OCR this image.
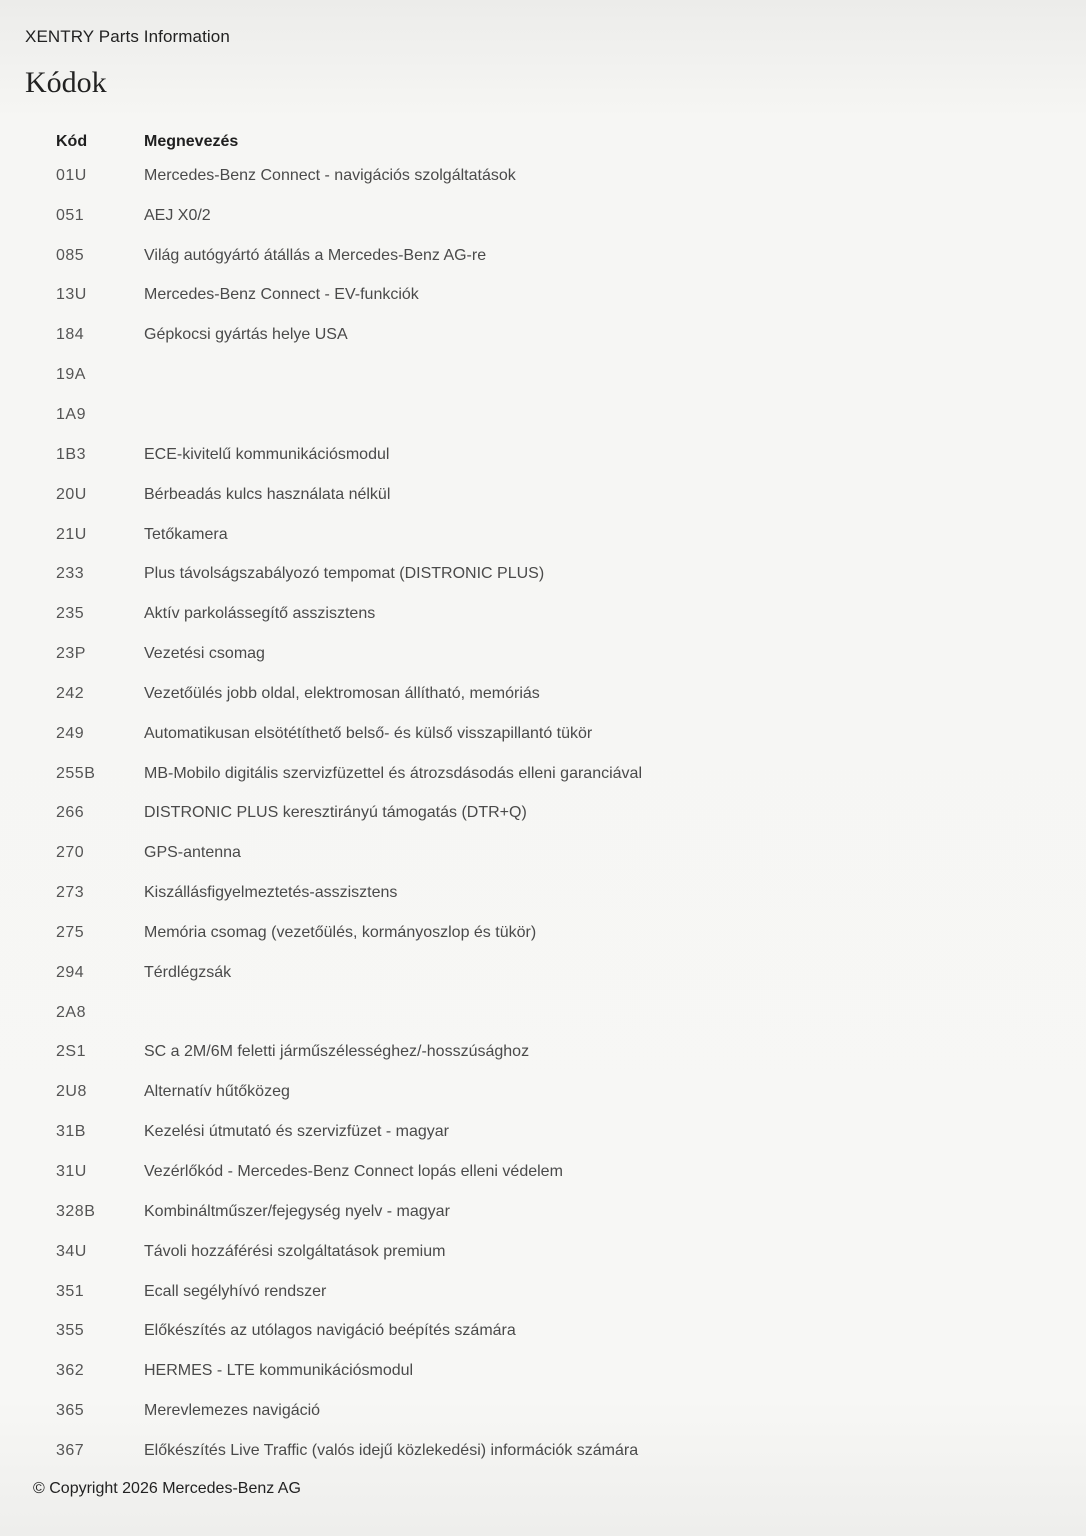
XENTRY Parts Information
Kódok
Kód	Megnevezés
01U	Mercedes-Benz Connect - navigációs szolgáltatások
051	AEJ X0/2
085	Világ autógyártó átállás a Mercedes-Benz AG-re
13U	Mercedes-Benz Connect - EV-funkciók
184	Gépkocsi gyártás helye USA
19A
1A9
1B3	ECE-kivitelű kommunikációsmodul
20U	Bérbeadás kulcs használata nélkül
21U	Tetőkamera
233	Plus távolságszabályozó tempomat (DISTRONIC PLUS)
235	Aktív parkolássegítő asszisztens
23P	Vezetési csomag
242	Vezetőülés jobb oldal, elektromosan állítható, memóriás
249	Automatikusan elsötétíthető belső- és külső visszapillantó tükör
255B	MB-Mobilo digitális szervizfüzettel és átrozsdásodás elleni garanciával
266	DISTRONIC PLUS keresztirányú támogatás (DTR+Q)
270	GPS-antenna
273	Kiszállásfigyelmeztetés-asszisztens
275	Memória csomag (vezetőülés, kormányoszlop és tükör)
294	Térdlégzsák
2A8
2S1	SC a 2M/6M feletti járműszélességhez/-hosszúsághoz
2U8	Alternatív hűtőközeg
31B	Kezelési útmutató és szervizfüzet - magyar
31U	Vezérlőkód - Mercedes-Benz Connect lopás elleni védelem
328B	Kombináltműszer/fejegység nyelv - magyar
34U	Távoli hozzáférési szolgáltatások premium
351	Ecall segélyhívó rendszer
355	Előkészítés az utólagos navigáció beépítés számára
362	HERMES - LTE kommunikációsmodul
365	Merevlemezes navigáció
367	Előkészítés Live Traffic (valós idejű közlekedési) információk számára
© Copyright 2026 Mercedes-Benz AG
